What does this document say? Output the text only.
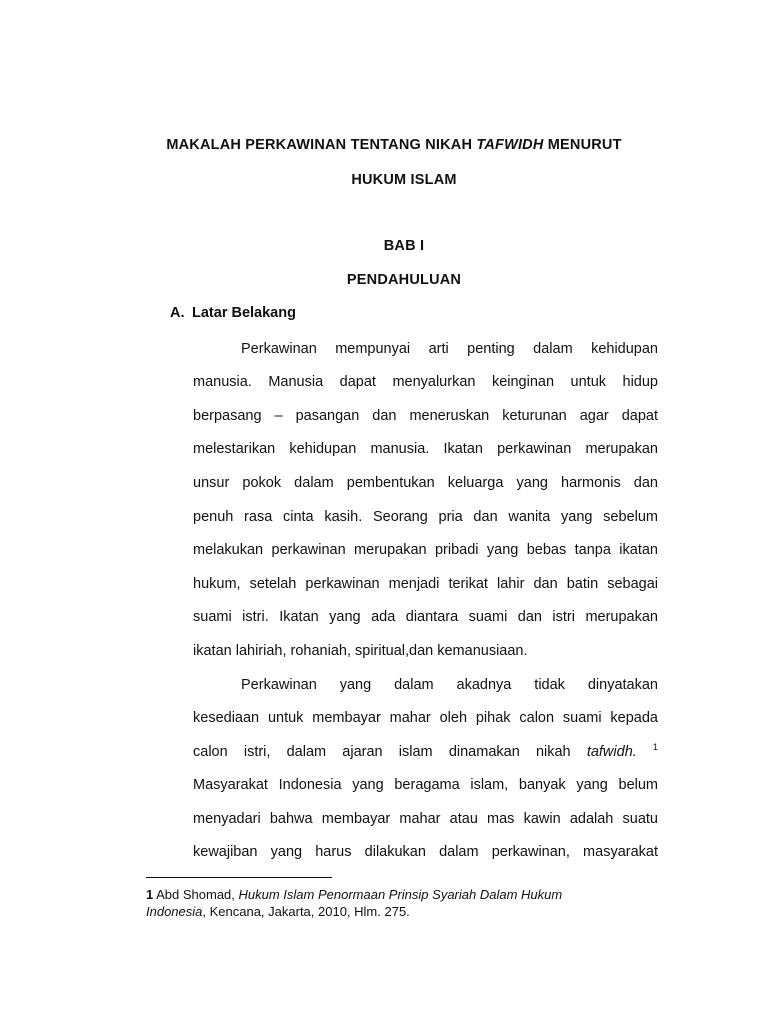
MAKALAH PERKAWINAN TENTANG NIKAH TAFWIDH MENURUT
HUKUM ISLAM
BAB I
PENDAHULUAN
A. Latar Belakang
Perkawinan mempunyai arti penting dalam kehidupan
manusia. Manusia dapat menyalurkan keinginan untuk hidup
berpasang – pasangan dan meneruskan keturunan agar dapat
melestarikan kehidupan manusia. Ikatan perkawinan merupakan
unsur pokok dalam pembentukan keluarga yang harmonis dan
penuh rasa cinta kasih. Seorang pria dan wanita yang sebelum
melakukan perkawinan merupakan pribadi yang bebas tanpa ikatan
hukum, setelah perkawinan menjadi terikat lahir dan batin sebagai
suami istri. Ikatan yang ada diantara suami dan istri merupakan
ikatan lahiriah, rohaniah, spiritual,dan kemanusiaan.
Perkawinan yang dalam akadnya tidak dinyatakan
kesediaan untuk membayar mahar oleh pihak calon suami kepada
calon istri, dalam ajaran islam dinamakan nikah tafwidh. $^1$
Masyarakat Indonesia yang beragama islam, banyak yang belum
menyadari bahwa membayar mahar atau mas kawin adalah suatu
kewajiban yang harus dilakukan dalam perkawinan, masyarakat
1 Abd Shomad, Hukum Islam Penormaan Prinsip Syariah Dalam Hukum
Indonesia, Kencana, Jakarta, 2010, Hlm. 275.
